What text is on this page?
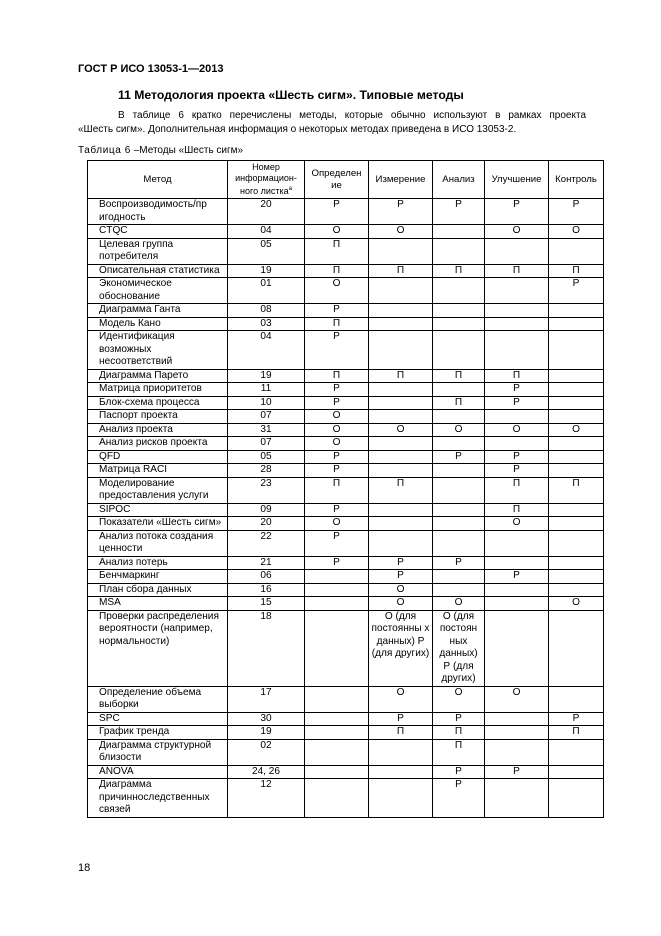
ГОСТ Р ИСО 13053-1—2013
11 Методология проекта «Шесть сигм». Типовые методы
В таблице 6 кратко перечислены методы, которые обычно используют в рамках проекта
«Шесть сигм». Дополнительная информация о некоторых методах приведена в ИСО 13053-2.
Таблица 6 –Методы «Шесть сигм»
Метод	Номер информацион-ного листка$^a$	Определен ие	Измерение	Анализ	Улучшение	Контроль
Воспроизводимость/пр игодность	20	Р	Р	Р	Р	Р
CTQC	04	О	О		О	О
Целевая группа потребителя	05	П				
Описательная статистика	19	П	П	П	П	П
Экономическое обоснование	01	О				Р
Диаграмма Ганта	08	Р				
Модель Кано	03	П				
Идентификация возможных несоответствий	04	Р				
Диаграмма Парето	19	П	П	П	П	
Матрица приоритетов	11	Р			Р	
Блок-схема процесса	10	Р		П	Р	
Паспорт проекта	07	О				
Анализ проекта	31	О	О	О	О	О
Анализ рисков проекта	07	О				
QFD	05	Р		Р	Р	
Матрица RACI	28	Р			Р	
Моделирование предоставления услуги	23	П	П		П	П
SIPOC	09	Р			П	
Показатели «Шесть сигм»	20	О			О	
Анализ потока создания ценности	22	Р				
Анализ потерь	21	Р	Р	Р		
Бенчмаркинг	06		Р		Р	
План сбора данных	16		О			
MSA	15		О	О		О
Проверки распределения вероятности (например, нормальности)	18		О (для постоянны х данных) Р (для других)	О (для постоян ных данных) Р (для других)		
Определение объема выборки	17		О	О	О	
SPC	30		Р	Р		Р
График тренда	19		П	П		П
Диаграмма структурной близости	02			П		
ANOVA	24, 26			Р	Р	
Диаграмма причинноследственных связей	12			Р		
18
